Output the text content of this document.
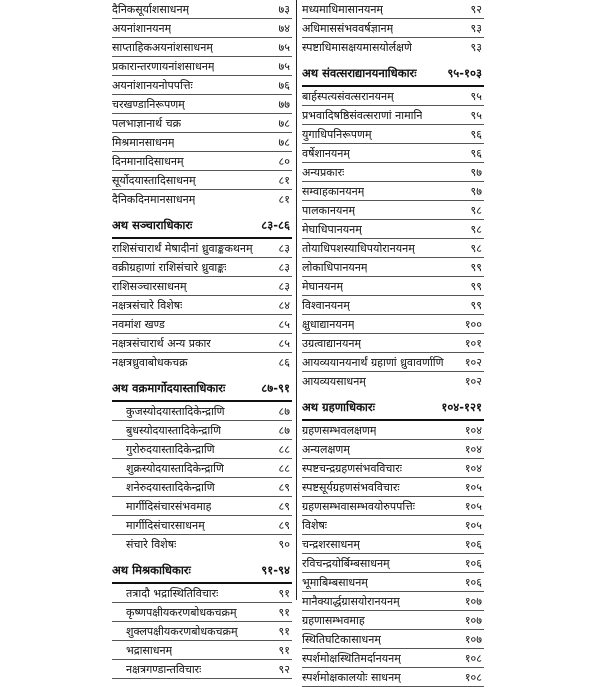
दैनिकसूर्याशसाधनम्	७३
अयनांशानयनम्	७४
साप्ताहिकअयनांशसाधनम्	७५
प्रकारान्तरणायनांशसाधनम्	७५
अयनांशानयनोपपत्तिः	७६
चरखण्डानिरूपणम्	७७
पलभाज्ञानार्थ चक्र	७८
मिश्रमानसाधनम्	७८
दिनमानादिसाधनम्	८०
सूर्योदयास्तादिसाधनम्	८१
दैनिकदिनमानसाधनम्	८१
अथ सञ्चाराधिकारः	८३-८६
राशिसंचारार्थं मेषादीनां ध्रुवाङ्ककथनम् ८३
वक्रीग्रहाणां राशिसंचारे ध्रुवाङ्कः	८३
राशिसञ्चारसाधनम्	८३
नक्षत्रसंचारे विशेषः	८४
नवमांश खण्ड	८५
नक्षत्रसंचारार्थ अन्य प्रकार	८५
नक्षत्रध्रुवाबोधकचक्र	८६
अथ वक्रमार्गोदयास्ताधिकारः	८७-९१
कुजस्योदयास्तादिकेन्द्राणि	८७
बुधस्योदयास्तादिकेन्द्राणि	८७
गुरोरुदयास्तादिकेन्द्राणि	८८
शुक्रस्योदयास्तादिकेन्द्राणि	८८
शनेरुदयास्तादिकेन्द्राणि	८९
मार्गीदिसंचारसंभवमाह	८९
मार्गीदिसंचारसाधनम्	८९
संचारे विशेषः	९०
अथ मिश्रकाधिकारः	९१-९४
तत्रादौ भद्रास्थितिविचारः	९१
कृष्णपक्षीयकरणबोधकचक्रम्	९१
शुक्लपक्षीयकरणबोधकचक्रम्	९१
भद्रासाधनम्	९१
नक्षत्रगण्डान्तविचारः	९२
मध्यमाधिमासानयनम्	९२
अधिमाससंभववर्षज्ञानम्	९३
स्पष्टाधिमासक्षयमासयोर्लक्षणे	९३
अथ संवत्सराद्यानयनाधिकारः	९५-१०३
बार्हस्पत्यसंवत्सरानयनम्	९५
प्रभवादिषष्ठिसंवत्सराणां नामानि	९५
युगाधिपनिरूपणम्	९६
वर्षेशानयनम्	९६
अन्यप्रकारः	९७
सम्वाहकानयनम्	९७
पालकानयनम्	९८
मेघाधिपानयनम्	९८
तोयाधिपशस्याधिपयोरानयनम्	९८
लोकाधिपानयनम्	९९
मेघानयनम्	९९
विश्वानयनम्	९९
क्षुधाद्यानयनम्	१००
उग्रत्वाद्यानयनम्	१०१
आयव्ययानयनार्थं ग्रहाणां ध्रुवावर्णाणि १०२
आयव्ययसाधनम्	१०२
अथ ग्रहणाधिकारः	१०४-१२१
ग्रहणसम्भवलक्षणम्	१०४
अन्यलक्षणम्	१०४
स्पष्टचन्द्रग्रहणसंभवविचारः	१०४
स्पष्टसूर्यग्रहणसंभवविचारः	१०५
ग्रहणसम्भवासम्भवयोरुपपत्तिः	१०५
विशेषः	१०५
चन्द्रशरसाधनम्	१०६
रविचन्द्रयोर्बिम्बसाधनम्	१०६
भूमाबिम्बसाधनम्	१०६
मानैक्यार्द्धग्रासयोरानयनम्	१०७
ग्रहणासम्भवमाह	१०७
स्थितिघटिकासाधनम्	१०७
स्पर्शमोक्षस्थितिमर्दानयनम्	१०८
स्पर्शमोक्षकालयोः साधनम्	१०८
